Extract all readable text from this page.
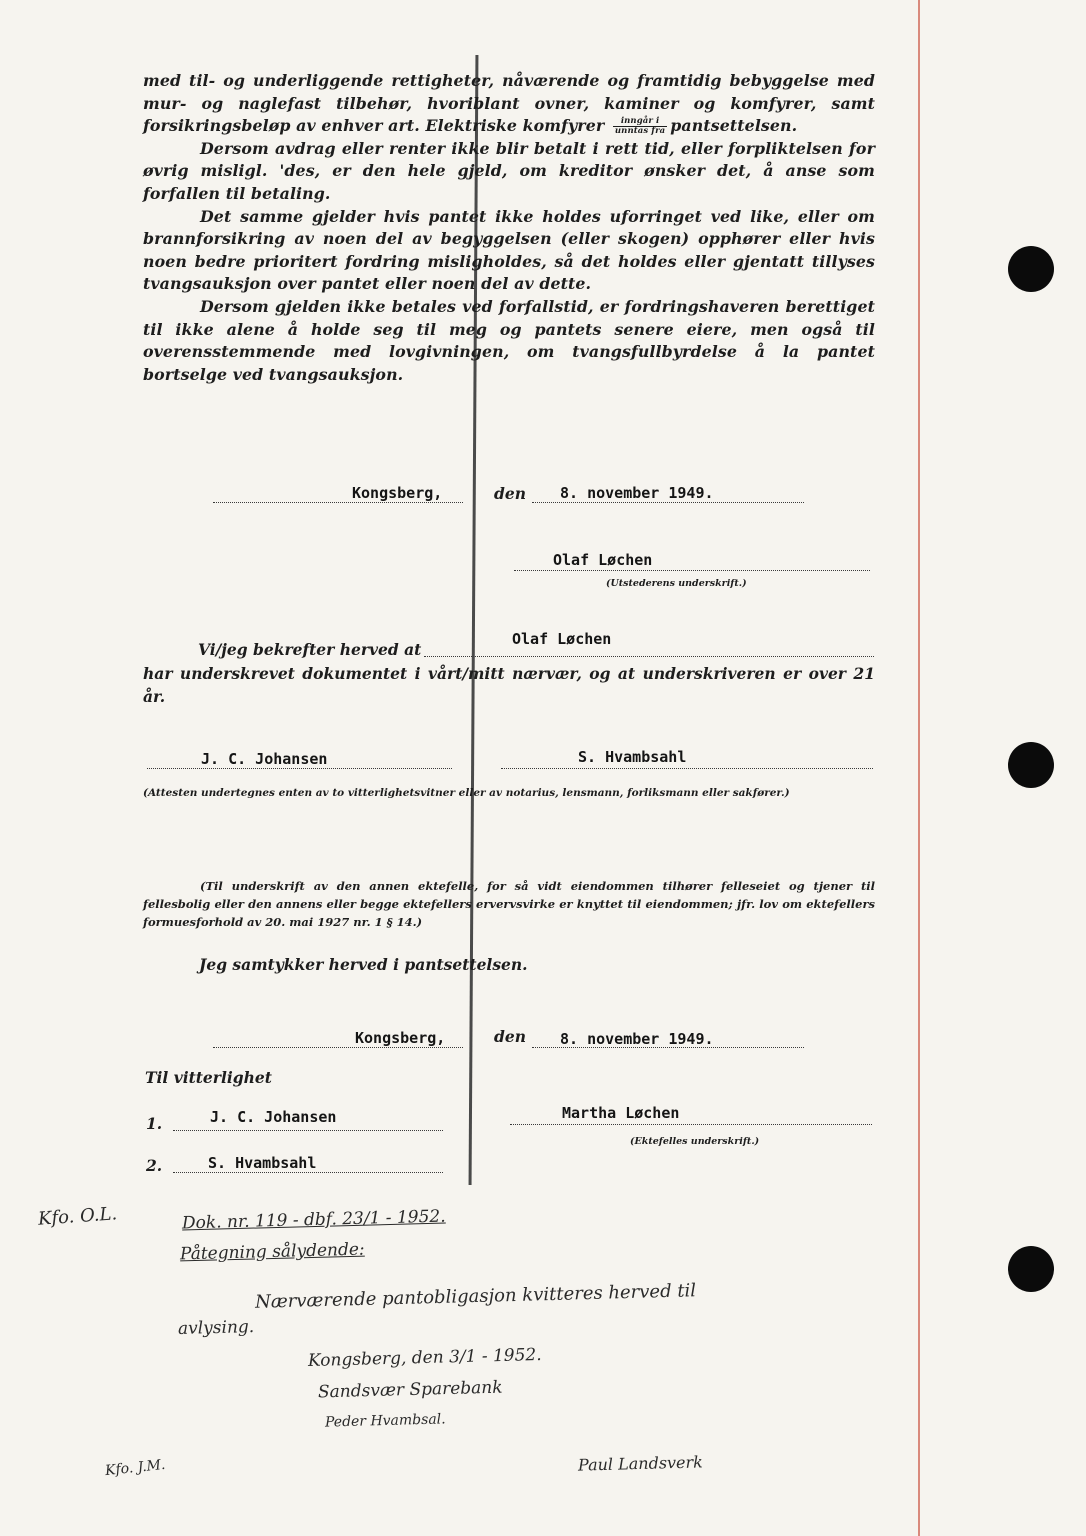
med til- og underliggende rettigheter, nåværende og framtidig bebyggelse med mur- og naglefast tilbehør, hvoriblant ovner, kaminer og komfyrer, samt forsikringsbeløp av enhver art. Elektriske komfyrer $\frac{\text{inngår i}}{\text{unntas fra}}$ pantsettelsen.

Dersom avdrag eller renter ikke blir betalt i rett tid, eller forpliktelsen for øvrig misligl. 'des, er den hele gjeld, om kreditor ønsker det, å anse som forfallen til betaling.

Det samme gjelder hvis pantet ikke holdes uforringet ved like, eller om brannforsikring av noen del av begyggelsen (eller skogen) opphører eller hvis noen bedre prioritert fordring misligholdes, så det holdes eller gjentatt tillyses tvangsauksjon over pantet eller noen del av dette.

Dersom gjelden ikke betales ved forfallstid, er fordringshaveren berettiget til ikke alene å holde seg til meg og pantets senere eiere, men også til overensstemmende med lovgivningen, om tvangsfullbyrdelse å la pantet bortselge ved tvangsauksjon.

Kongsberg,	den 8. november 1949.
Olaf Løchen
(Utstederens underskrift.)
Vi/jeg bekrefter herved at
Olaf Løchen
har underskrevet dokumentet i vårt/mitt nærvær, og at underskriveren er over 21 år.
J. C. Johansen	S. Hvambsahl
(Attesten undertegnes enten av to vitterlighetsvitner eller av notarius, lensmann, forliksmann eller sakfører.)
(Til underskrift av den annen ektefelle, for så vidt eiendommen tilhører felleseiet og tjener til fellesbolig eller den annens eller begge ektefellers ervervsvirke er knyttet til eiendommen; jfr. lov om ektefellers formuesforhold av 20. mai 1927 nr. 1 § 14.)
Jeg samtykker herved i pantsettelsen.
Kongsberg,	den 8. november 1949.
Til vitterlighet
1.	J. C. Johansen	Martha Løchen
(Ektefelles underskrift.)
2.	S. Hvambsahl
Kfo. O.L.	Dok. nr. 119 - dbf. 23/1 - 1952.
Påtegning sålydende:
Nærværende pantobligasjon kvitteres herved til
avlysing.
Kongsberg, den 3/1 - 1952.
Sandsvær Sparebank
Peder Hvambsal.
Kfo. J.M.	Paul Landsverk
